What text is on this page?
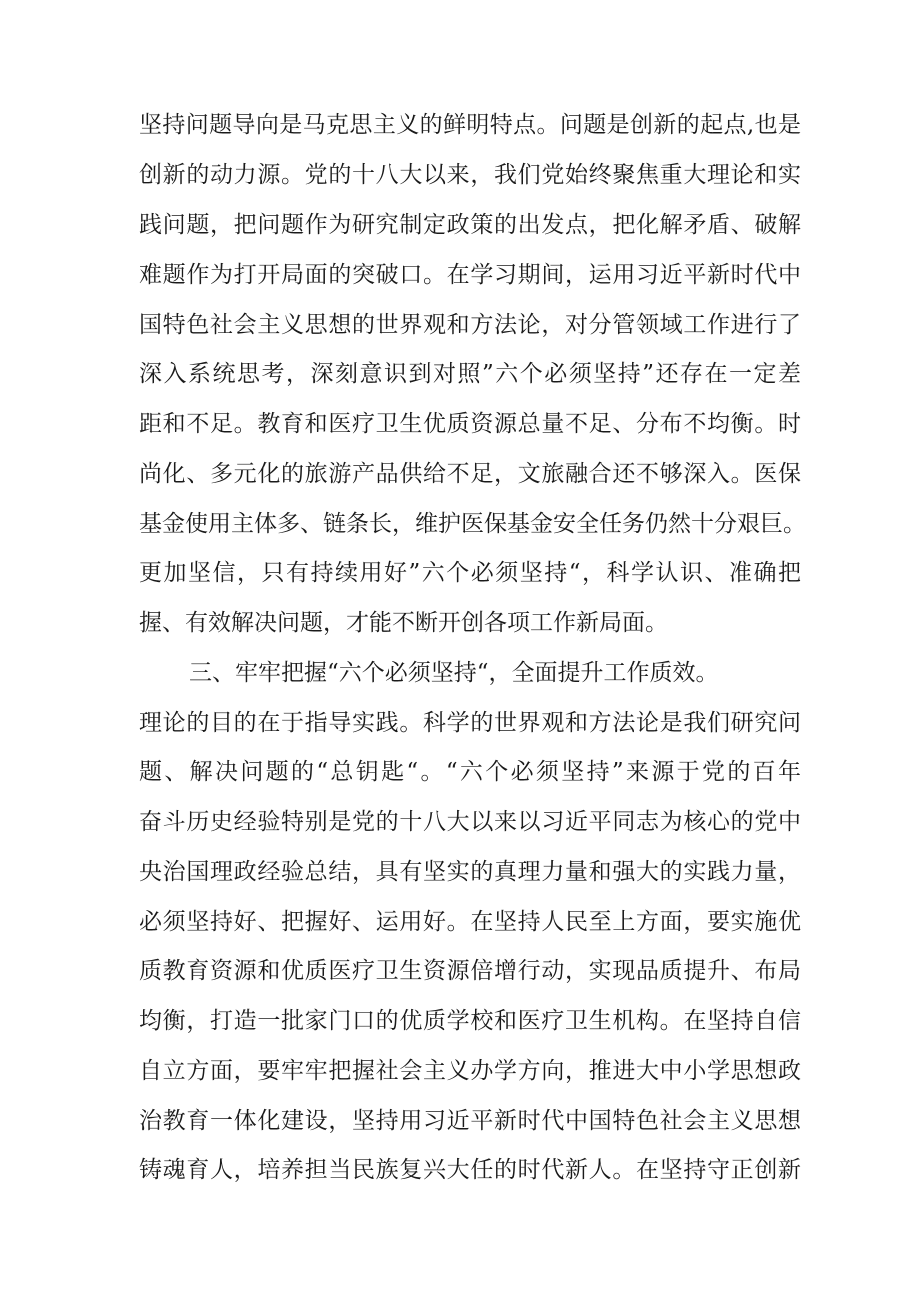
坚持问题导向是马克思主义的鲜明特点。问题是创新的起点,也是
创新的动力源。党的十八大以来，我们党始终聚焦重大理论和实
践问题，把问题作为研究制定政策的出发点，把化解矛盾、破解
难题作为打开局面的突破口。在学习期间，运用习近平新时代中
国特色社会主义思想的世界观和方法论，对分管领域工作进行了
深入系统思考，深刻意识到对照”六个必须坚持”还存在一定差
距和不足。教育和医疗卫生优质资源总量不足、分布不均衡。时
尚化、多元化的旅游产品供给不足，文旅融合还不够深入。医保
基金使用主体多、链条长，维护医保基金安全任务仍然十分艰巨。
更加坚信，只有持续用好”六个必须坚持“，科学认识、准确把
握、有效解决问题，才能不断开创各项工作新局面。
三、牢牢把握“六个必须坚持“，全面提升工作质效。
理论的目的在于指导实践。科学的世界观和方法论是我们研究问
题、解决问题的“总钥匙“。“六个必须坚持”来源于党的百年
奋斗历史经验特别是党的十八大以来以习近平同志为核心的党中
央治国理政经验总结，具有坚实的真理力量和强大的实践力量，
必须坚持好、把握好、运用好。在坚持人民至上方面，要实施优
质教育资源和优质医疗卫生资源倍增行动，实现品质提升、布局
均衡，打造一批家门口的优质学校和医疗卫生机构。在坚持自信
自立方面，要牢牢把握社会主义办学方向，推进大中小学思想政
治教育一体化建设，坚持用习近平新时代中国特色社会主义思想
铸魂育人，培养担当民族复兴大任的时代新人。在坚持守正创新
